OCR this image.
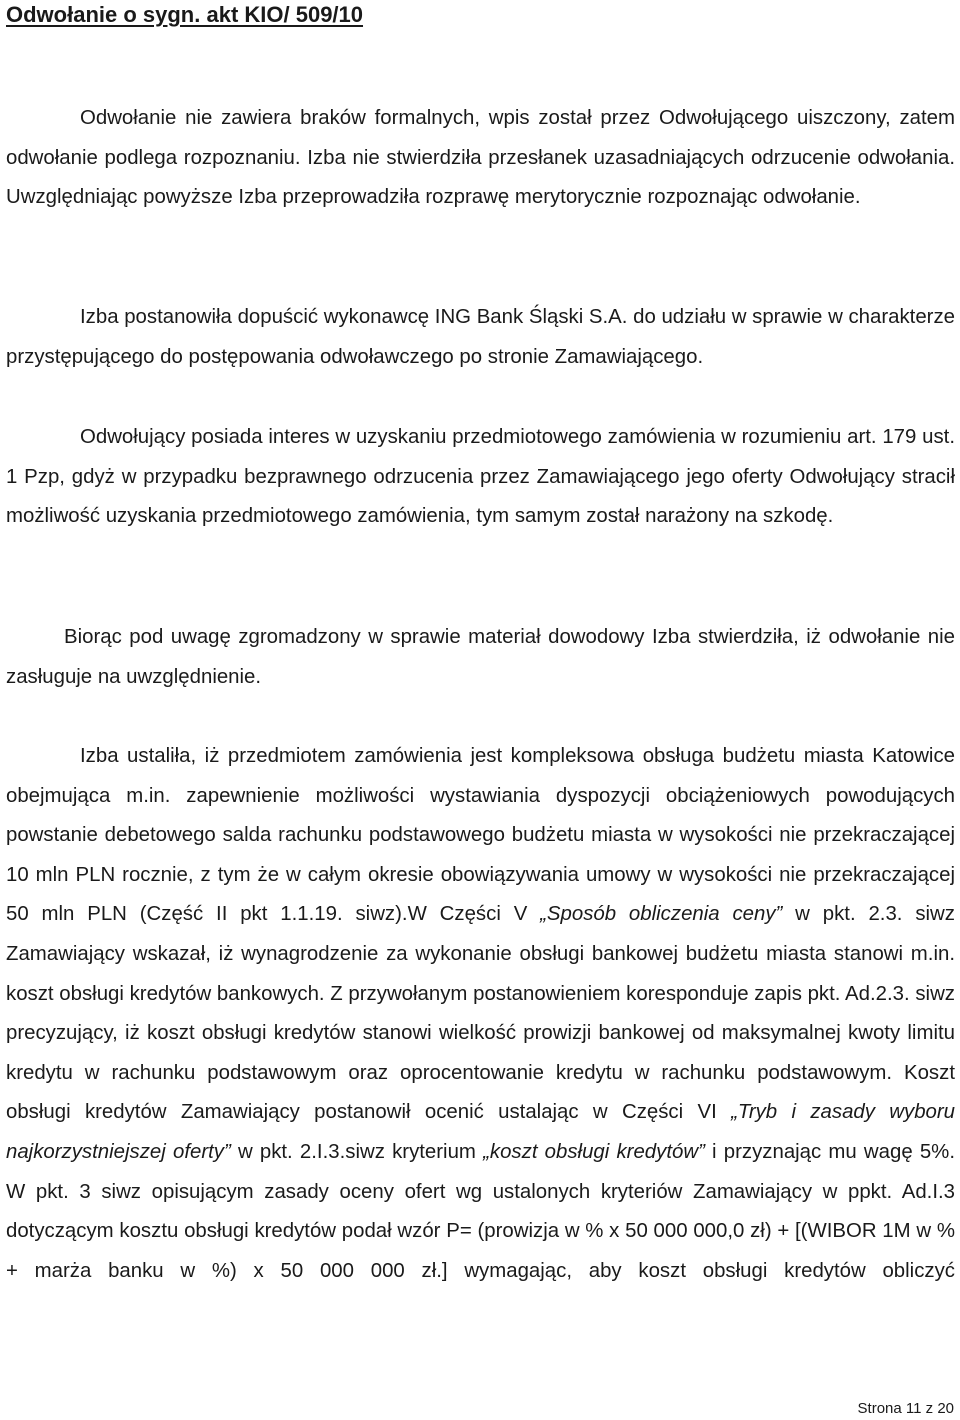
Odwołanie o sygn. akt KIO/ 509/10

Odwołanie nie zawiera braków formalnych, wpis został przez Odwołującego uiszczony, zatem odwołanie podlega rozpoznaniu. Izba nie stwierdziła przesłanek uzasadniających odrzucenie odwołania. Uwzględniając powyższe Izba przeprowadziła rozprawę merytorycznie rozpoznając odwołanie.

Izba postanowiła dopuścić wykonawcę ING Bank Śląski S.A. do udziału w sprawie w charakterze przystępującego do postępowania odwoławczego po stronie Zamawiającego.

Odwołujący posiada interes w uzyskaniu przedmiotowego zamówienia w rozumieniu art. 179 ust. 1 Pzp, gdyż w przypadku bezprawnego odrzucenia przez Zamawiającego jego oferty Odwołujący stracił możliwość uzyskania przedmiotowego zamówienia, tym samym został narażony na szkodę.

Biorąc pod uwagę zgromadzony w sprawie materiał dowodowy Izba stwierdziła, iż odwołanie nie zasługuje na uwzględnienie.

Izba ustaliła, iż przedmiotem zamówienia jest kompleksowa obsługa budżetu miasta Katowice obejmująca m.in. zapewnienie możliwości wystawiania dyspozycji obciążeniowych powodujących powstanie debetowego salda rachunku podstawowego budżetu miasta w wysokości nie przekraczającej 10 mln PLN rocznie, z tym że w całym okresie obowiązywania umowy w wysokości nie przekraczającej 50 mln PLN (Część II pkt 1.1.19. siwz).W Części V „Sposób obliczenia ceny” w pkt. 2.3. siwz Zamawiający wskazał, iż wynagrodzenie za wykonanie obsługi bankowej budżetu miasta stanowi m.in. koszt obsługi kredytów bankowych. Z przywołanym postanowieniem koresponduje zapis pkt. Ad.2.3. siwz precyzujący, iż koszt obsługi kredytów stanowi wielkość prowizji bankowej od maksymalnej kwoty limitu kredytu w rachunku podstawowym oraz oprocentowanie kredytu w rachunku podstawowym. Koszt obsługi kredytów Zamawiający postanowił ocenić ustalając w Części VI „Tryb i zasady wyboru najkorzystniejszej oferty” w pkt. 2.I.3.siwz kryterium „koszt obsługi kredytów” i przyznając mu wagę 5%. W pkt. 3 siwz opisującym zasady oceny ofert wg ustalonych kryteriów Zamawiający w ppkt. Ad.I.3 dotyczącym kosztu obsługi kredytów podał wzór P= (prowizja w % x 50 000 000,0 zł) + [(WIBOR 1M w % + marża banku w %) x 50 000 000 zł.] wymagając, aby koszt obsługi kredytów obliczyć

Strona 11 z 20
